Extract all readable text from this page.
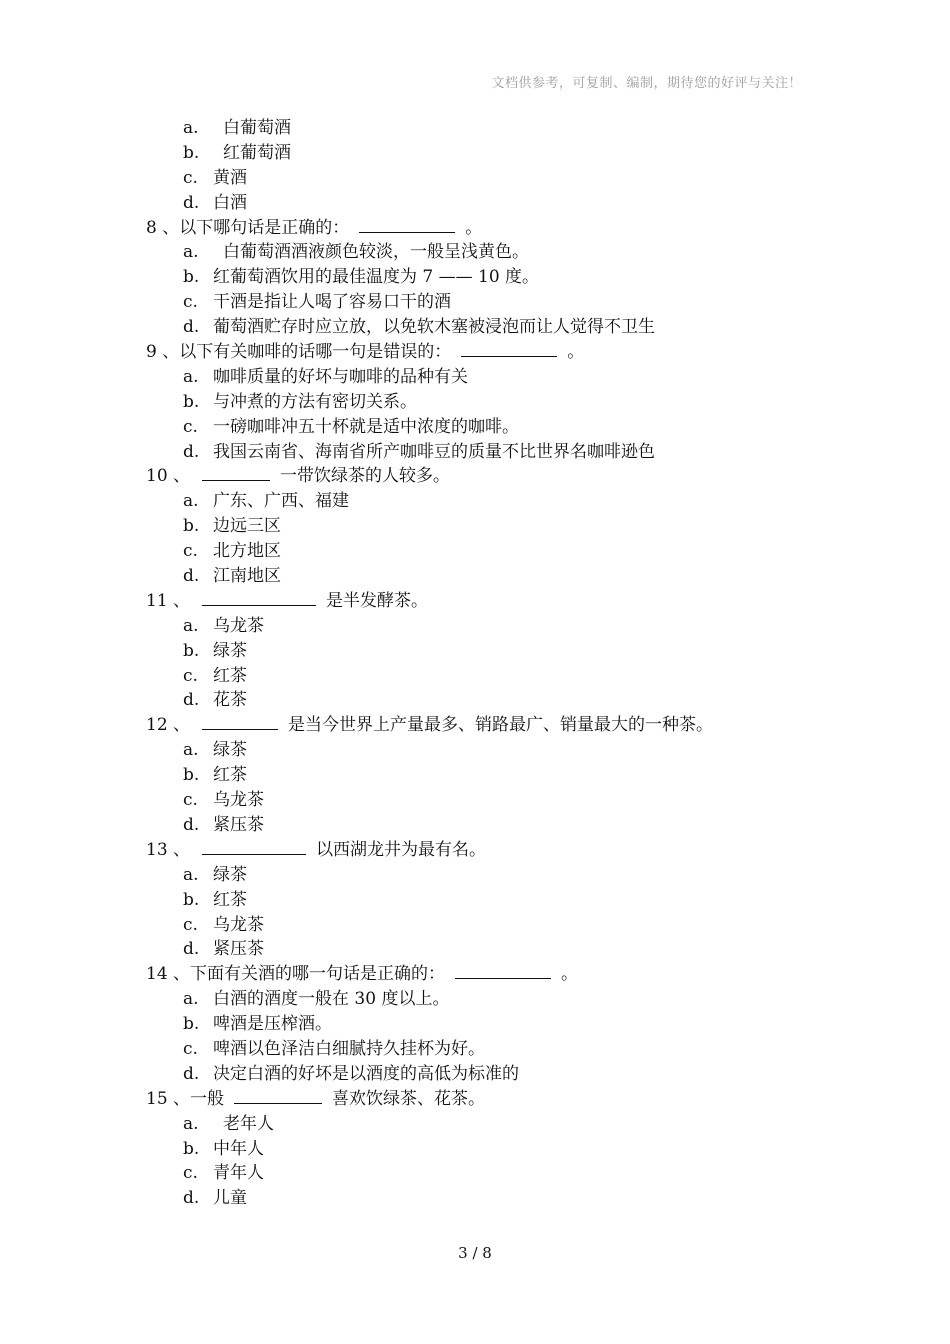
文档供参考，可复制、编制，期待您的好评与关注！
a. 白葡萄酒
b. 红葡萄酒
c. 黄酒
d. 白酒
8 、以下哪句话是正确的：	。
a. 白葡萄酒酒液颜色较淡，一般呈浅黄色。
b. 红葡萄酒饮用的最佳温度为 7 —— 10 度。
c. 干酒是指让人喝了容易口干的酒
d. 葡萄酒贮存时应立放，以免软木塞被浸泡而让人觉得不卫生
9 、以下有关咖啡的话哪一句是错误的：	。
a. 咖啡质量的好坏与咖啡的品种有关
b. 与冲煮的方法有密切关系。
c. 一磅咖啡冲五十杯就是适中浓度的咖啡。
d. 我国云南省、海南省所产咖啡豆的质量不比世界名咖啡逊色
10 、	一带饮绿茶的人较多。
a. 广东、广西、福建
b. 边远三区
c. 北方地区
d. 江南地区
11 、	是半发酵茶。
a. 乌龙茶
b. 绿茶
c. 红茶
d. 花茶
12 、	是当今世界上产量最多、销路最广、销量最大的一种茶。
a. 绿茶
b. 红茶
c. 乌龙茶
d. 紧压茶
13 、	以西湖龙井为最有名。
a. 绿茶
b. 红茶
c. 乌龙茶
d. 紧压茶
14 、下面有关酒的哪一句话是正确的：	。
a. 白酒的酒度一般在 30 度以上。
b. 啤酒是压榨酒。
c. 啤酒以色泽洁白细腻持久挂杯为好。
d. 决定白酒的好坏是以酒度的高低为标准的
15 、一般	喜欢饮绿茶、花茶。
a. 老年人
b. 中年人
c. 青年人
d. 儿童
3 / 8
